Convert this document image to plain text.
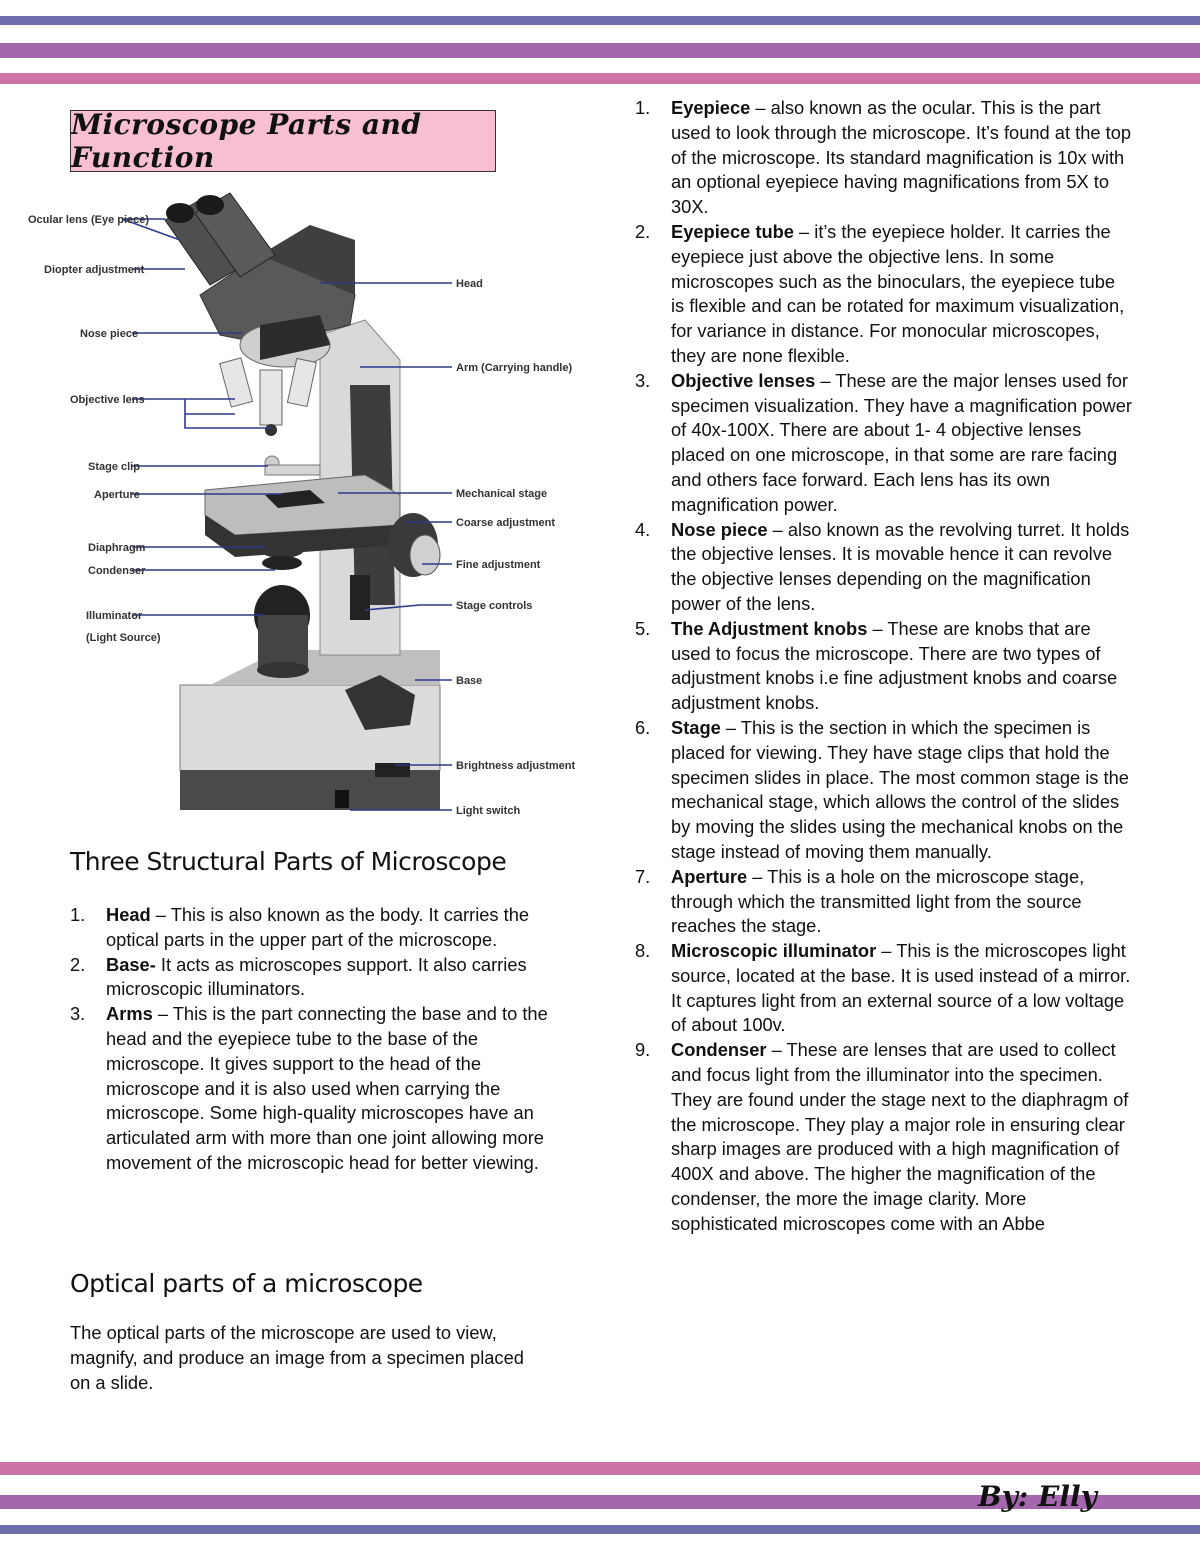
Microscope Parts and Function
Ocular lens (Eye piece)
Diopter adjustment
Nose piece
Objective lens
Stage clip
Aperture
Diaphragm
Condenser
Illuminator
(Light Source)
Head
Arm (Carrying handle)
Mechanical stage
Coarse adjustment
Fine adjustment
Stage controls
Base
Brightness adjustment
Light switch
Three Structural Parts of Microscope
1. Head – This is also known as the body. It carries the optical parts in the upper part of the microscope.
2. Base- It acts as microscopes support. It also carries microscopic illuminators.
3. Arms – This is the part connecting the base and to the head and the eyepiece tube to the base of the microscope. It gives support to the head of the microscope and it is also used when carrying the microscope. Some high-quality microscopes have an articulated arm with more than one joint allowing more movement of the microscopic head for better viewing.
Optical parts of a microscope
The optical parts of the microscope are used to view, magnify, and produce an image from a specimen placed on a slide.
1. Eyepiece – also known as the ocular. This is the part used to look through the microscope. It’s found at the top of the microscope. Its standard magnification is 10x with an optional eyepiece having magnifications from 5X to 30X.
2. Eyepiece tube – it’s the eyepiece holder. It carries the eyepiece just above the objective lens. In some microscopes such as the binoculars, the eyepiece tube is flexible and can be rotated for maximum visualization, for variance in distance. For monocular microscopes, they are none flexible.
3. Objective lenses – These are the major lenses used for specimen visualization. They have a magnification power of 40x-100X. There are about 1- 4 objective lenses placed on one microscope, in that some are rare facing and others face forward. Each lens has its own magnification power.
4. Nose piece – also known as the revolving turret. It holds the objective lenses. It is movable hence it can revolve the objective lenses depending on the magnification power of the lens.
5. The Adjustment knobs – These are knobs that are used to focus the microscope. There are two types of adjustment knobs i.e fine adjustment knobs and coarse adjustment knobs.
6. Stage – This is the section in which the specimen is placed for viewing. They have stage clips that hold the specimen slides in place. The most common stage is the mechanical stage, which allows the control of the slides by moving the slides using the mechanical knobs on the stage instead of moving them manually.
7. Aperture – This is a hole on the microscope stage, through which the transmitted light from the source reaches the stage.
8. Microscopic illuminator – This is the microscopes light source, located at the base. It is used instead of a mirror. It captures light from an external source of a low voltage of about 100v.
9. Condenser – These are lenses that are used to collect and focus light from the illuminator into the specimen. They are found under the stage next to the diaphragm of the microscope. They play a major role in ensuring clear sharp images are produced with a high magnification of 400X and above. The higher the magnification of the condenser, the more the image clarity. More sophisticated microscopes come with an Abbe
By: Elly
